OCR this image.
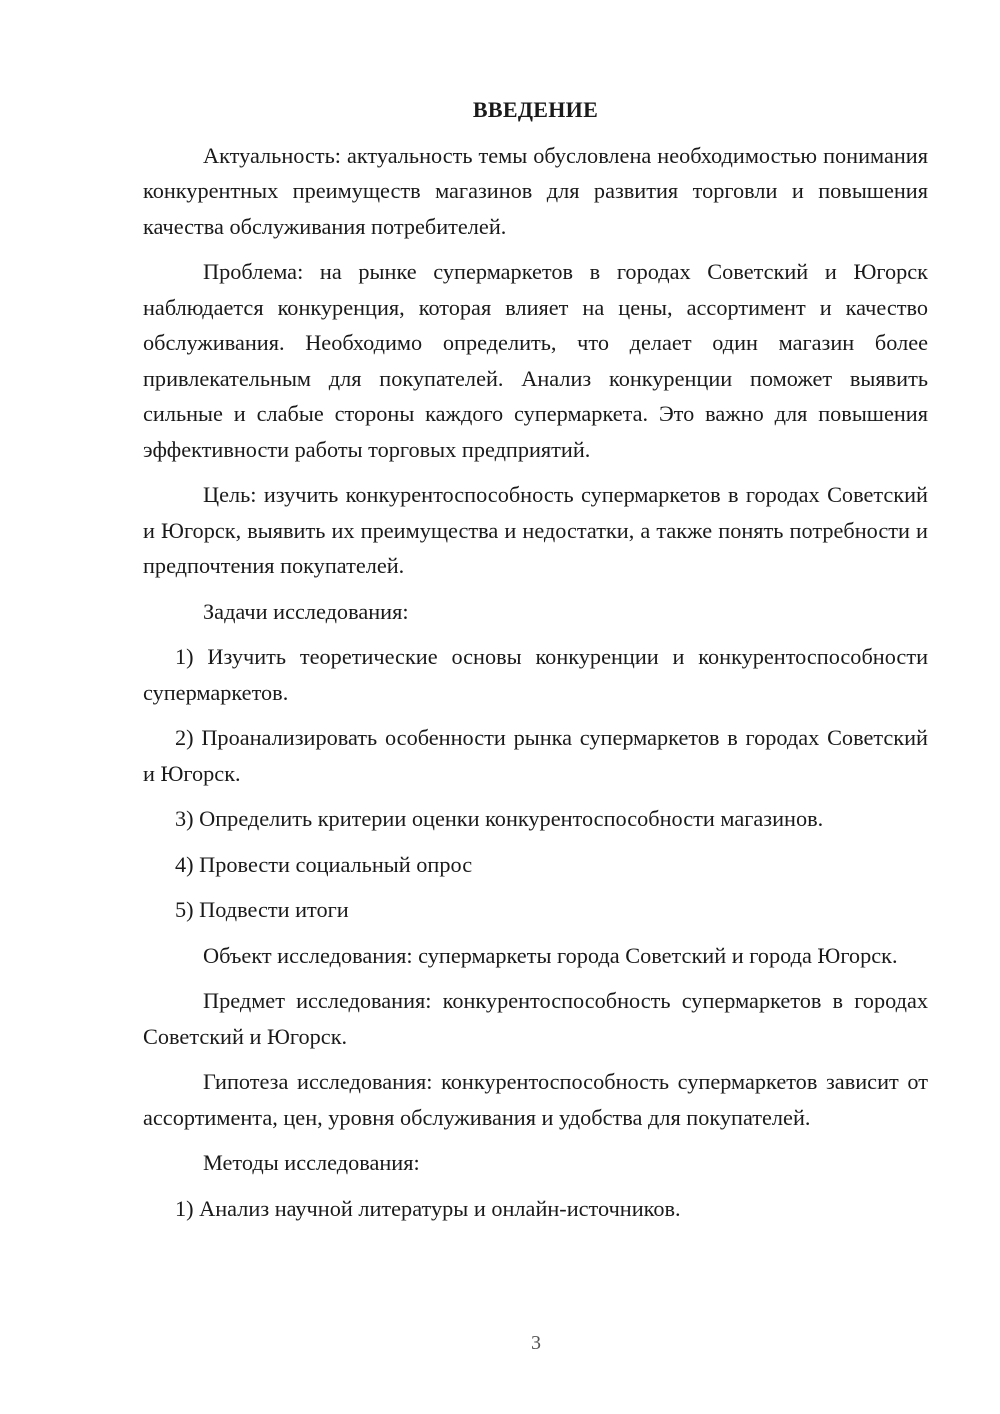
ВВЕДЕНИЕ
Актуальность: актуальность темы обусловлена необходимостью понимания конкурентных преимуществ магазинов для развития торговли и повышения качества обслуживания потребителей.
Проблема: на рынке супермаркетов в городах Советский и Югорск наблюдается конкуренция, которая влияет на цены, ассортимент и качество обслуживания. Необходимо определить, что делает один магазин более привлекательным для покупателей. Анализ конкуренции поможет выявить сильные и слабые стороны каждого супермаркета. Это важно для повышения эффективности работы торговых предприятий.
Цель: изучить конкурентоспособность супермаркетов в городах Советский и Югорск, выявить их преимущества и недостатки, а также понять потребности и предпочтения покупателей.
Задачи исследования:
1) Изучить теоретические основы конкуренции и конкурентоспособности супермаркетов.
2) Проанализировать особенности рынка супермаркетов в городах Советский и Югорск.
3) Определить критерии оценки конкурентоспособности магазинов.
4) Провести социальный опрос
5) Подвести итоги
Объект исследования: супермаркеты города Советский и города Югорск.
Предмет исследования: конкурентоспособность супермаркетов в городах Советский и Югорск.
Гипотеза исследования: конкурентоспособность супермаркетов зависит от ассортимента, цен, уровня обслуживания и удобства для покупателей.
Методы исследования:
1) Анализ научной литературы и онлайн-источников.
3
